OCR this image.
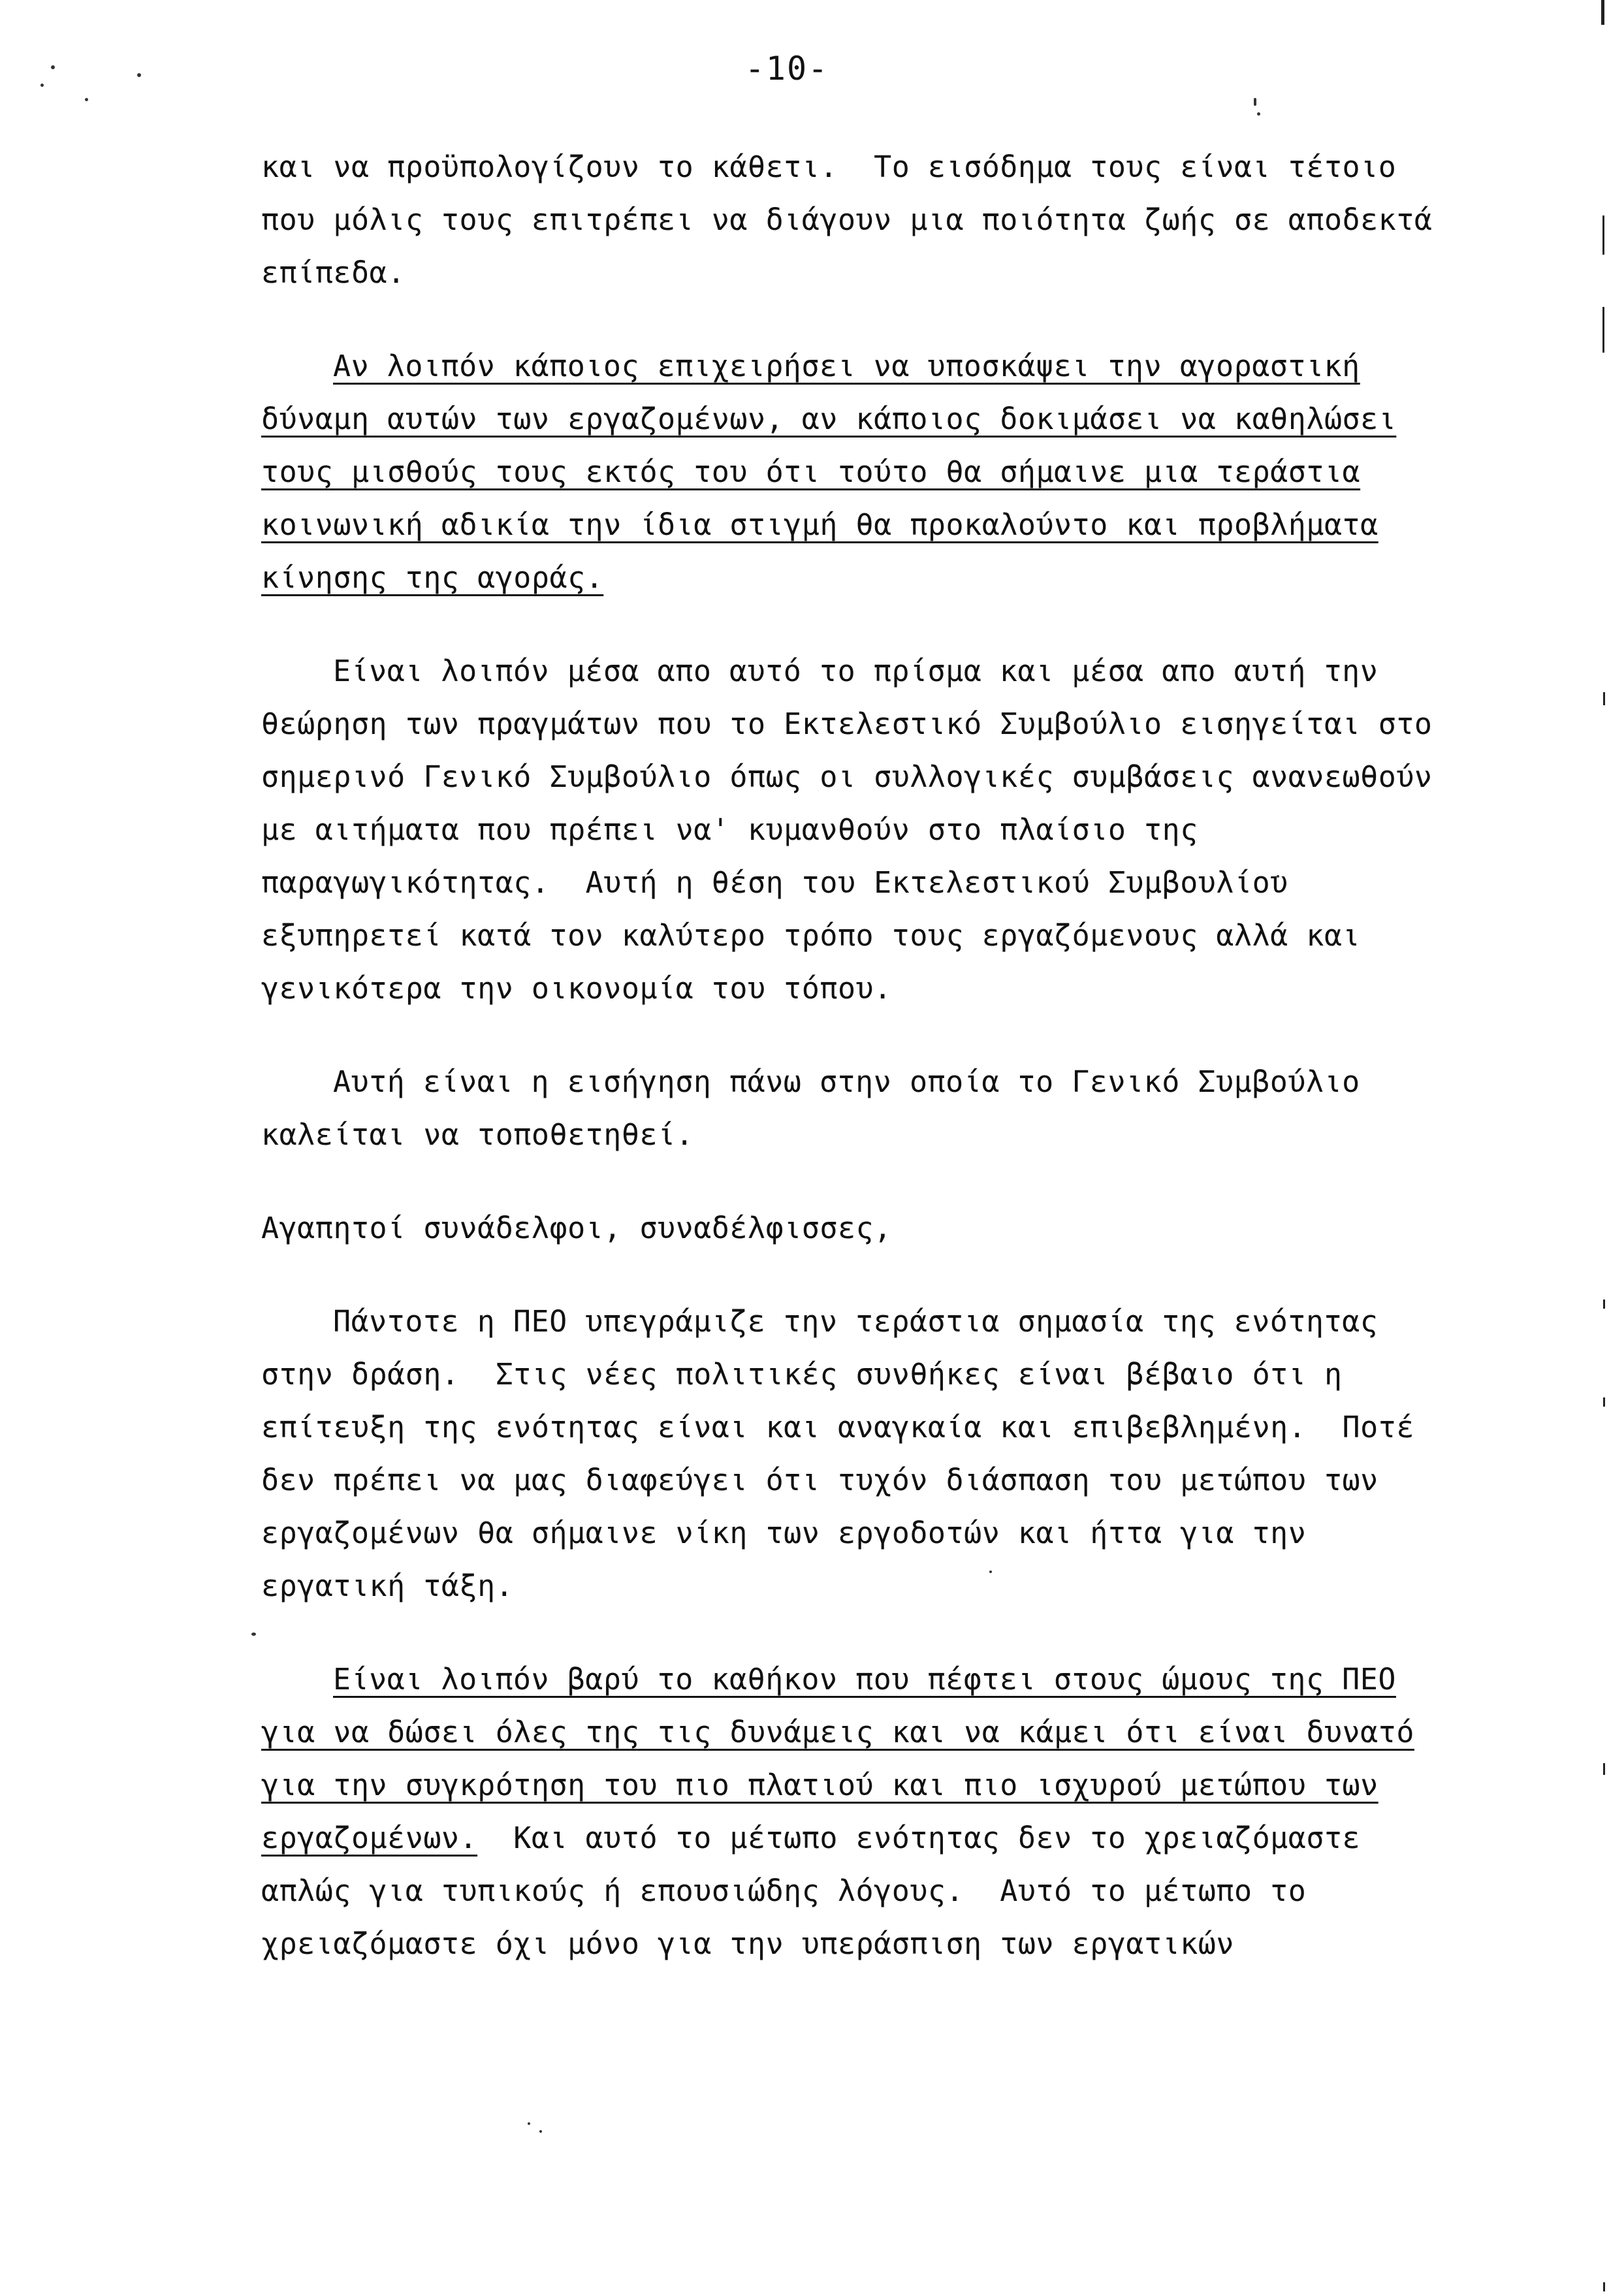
-10-
και να προϋπολογίζουν το κάθετι.  Το εισόδημα τους είναι τέτοιο
που μόλις τους επιτρέπει να διάγουν μια ποιότητα ζωής σε αποδεκτά
επίπεδα.
Αν λοιπόν κάποιος επιχειρήσει να υποσκάψει την αγοραστική
δύναμη αυτών των εργαζομένων, αν κάποιος δοκιμάσει να καθηλώσει
τους μισθούς τους εκτός του ότι τούτο θα σήμαινε μια τεράστια
κοινωνική αδικία την ίδια στιγμή θα προκαλούντο και προβλήματα
κίνησης της αγοράς.
Είναι λοιπόν μέσα απο αυτό το πρίσμα και μέσα απο αυτή την
θεώρηση των πραγμάτων που το Εκτελεστικό Συμβούλιο εισηγείται στο
σημερινό Γενικό Συμβούλιο όπως οι συλλογικές συμβάσεις ανανεωθούν
με αιτήματα που πρέπει να' κυμανθούν στο πλαίσιο της
παραγωγικότητας.  Αυτή η θέση του Εκτελεστικού Συμβουλίου
εξυπηρετεί κατά τον καλύτερο τρόπο τους εργαζόμενους αλλά και
γενικότερα την οικονομία του τόπου.
Αυτή είναι η εισήγηση πάνω στην οποία το Γενικό Συμβούλιο
καλείται να τοποθετηθεί.
Αγαπητοί συνάδελφοι, συναδέλφισσες,
Πάντοτε η ΠΕΟ υπεγράμιζε την τεράστια σημασία της ενότητας
στην δράση.  Στις νέες πολιτικές συνθήκες είναι βέβαιο ότι η
επίτευξη της ενότητας είναι και αναγκαία και επιβεβλημένη.  Ποτέ
δεν πρέπει να μας διαφεύγει ότι τυχόν διάσπαση του μετώπου των
εργαζομένων θα σήμαινε νίκη των εργοδοτών και ήττα για την
εργατική τάξη.
Είναι λοιπόν βαρύ το καθήκον που πέφτει στους ώμους της ΠΕΟ
για να δώσει όλες της τις δυνάμεις και να κάμει ότι είναι δυνατό
για την συγκρότηση του πιο πλατιού και πιο ισχυρού μετώπου των
εργαζομένων. Και αυτό το μέτωπο ενότητας δεν το χρειαζόμαστε
απλώς για τυπικούς ή επουσιώδης λόγους.  Αυτό το μέτωπο το
χρειαζόμαστε όχι μόνο για την υπεράσπιση των εργατικών
